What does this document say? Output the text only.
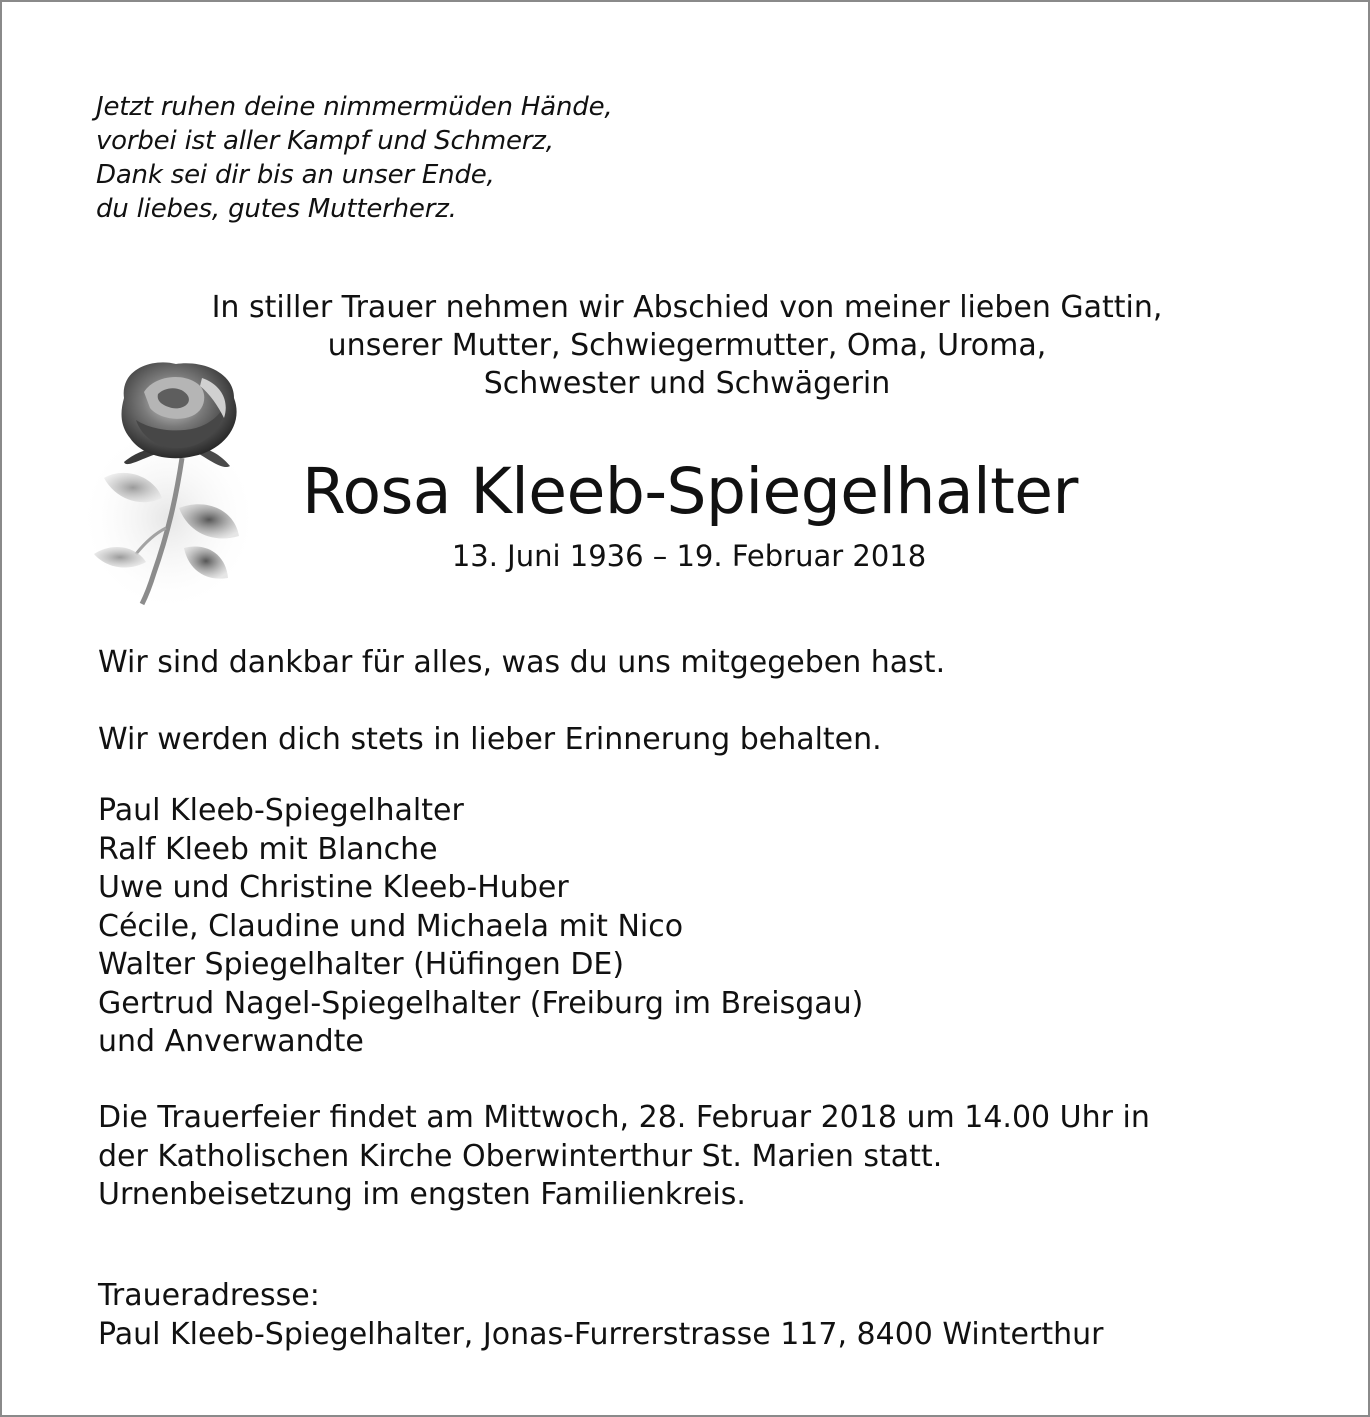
Jetzt ruhen deine nimmermüden Hände,
vorbei ist aller Kampf und Schmerz,
Dank sei dir bis an unser Ende,
du liebes, gutes Mutterherz.
In stiller Trauer nehmen wir Abschied von meiner lieben Gattin,
unserer Mutter, Schwiegermutter, Oma, Uroma,
Schwester und Schwägerin
Rosa Kleeb-Spiegelhalter
13. Juni 1936 – 19. Februar 2018
Wir sind dankbar für alles, was du uns mitgegeben hast.
Wir werden dich stets in lieber Erinnerung behalten.
Paul Kleeb-Spiegelhalter
Ralf Kleeb mit Blanche
Uwe und Christine Kleeb-Huber
Cécile, Claudine und Michaela mit Nico
Walter Spiegelhalter (Hüfingen DE)
Gertrud Nagel-Spiegelhalter (Freiburg im Breisgau)
und Anverwandte
Die Trauerfeier findet am Mittwoch, 28. Februar 2018 um 14.00 Uhr in
der Katholischen Kirche Oberwinterthur St. Marien statt.
Urnenbeisetzung im engsten Familienkreis.
Traueradresse:
Paul Kleeb-Spiegelhalter, Jonas-Furrerstrasse 117, 8400 Winterthur
